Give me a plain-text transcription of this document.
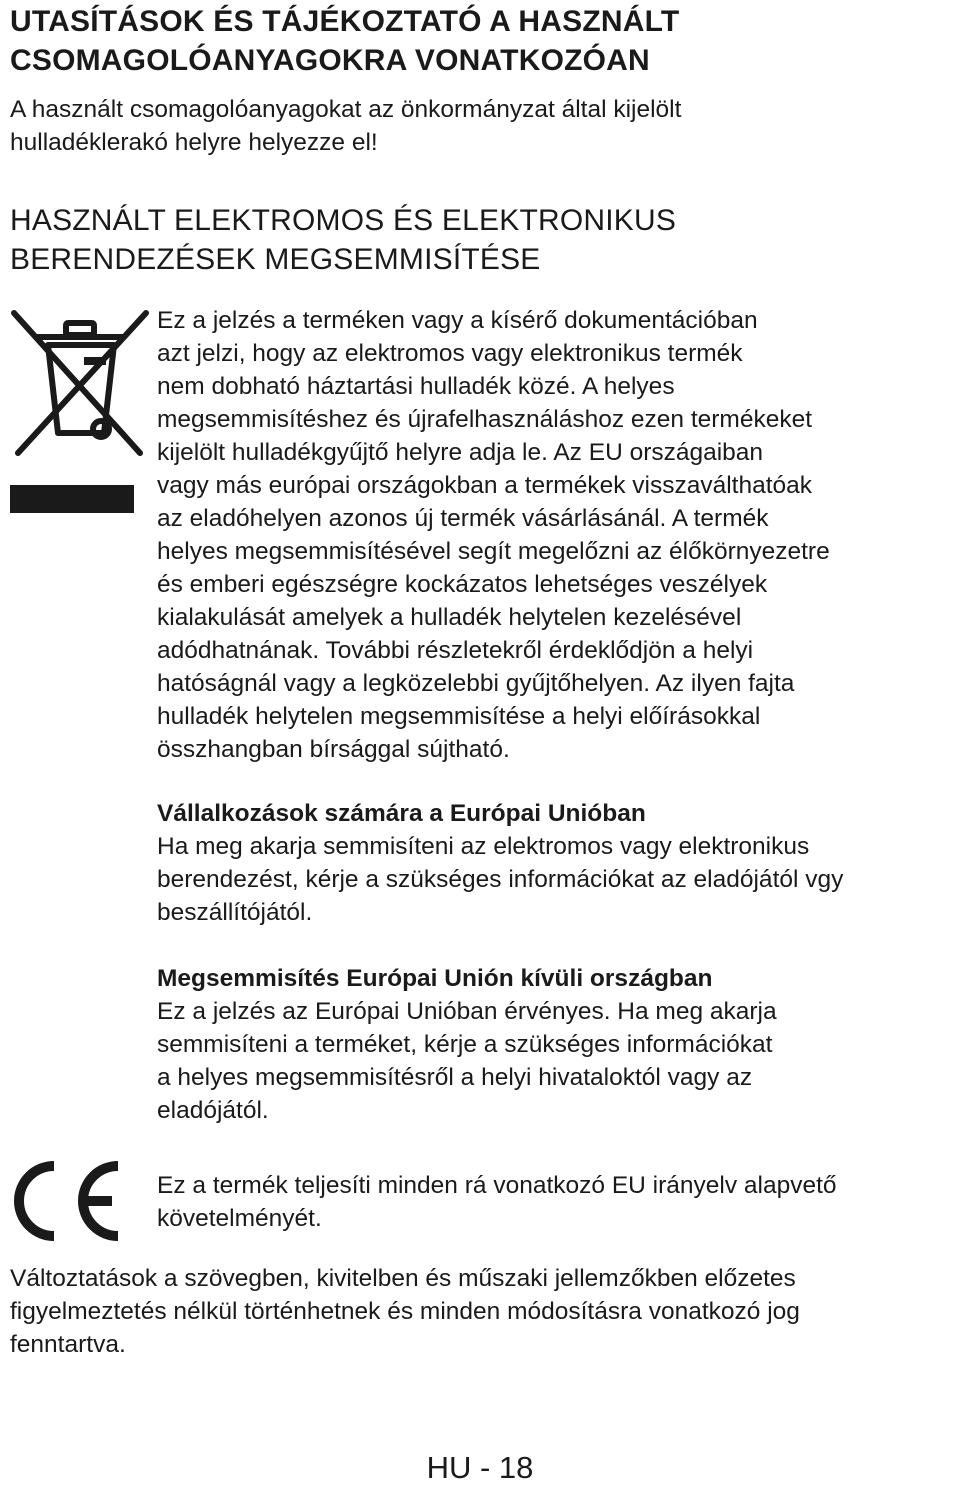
UTASÍTÁSOK ÉS TÁJÉKOZTATÓ A HASZNÁLT
CSOMAGOLÓANYAGOKRA VONATKOZÓAN

A használt csomagolóanyagokat az önkormányzat által kijelölt
hulladéklerakó helyre helyezze el!

HASZNÁLT ELEKTROMOS ÉS ELEKTRONIKUS
BERENDEZÉSEK MEGSEMMISÍTÉSE

Ez a jelzés a terméken vagy a kísérő dokumentációban
azt jelzi, hogy az elektromos vagy elektronikus termék
nem dobható háztartási hulladék közé. A helyes
megsemmisítéshez és újrafelhasználáshoz ezen termékeket
kijelölt hulladékgyűjtő helyre adja le. Az EU országaiban
vagy más európai országokban a termékek visszaválthatóak
az eladóhelyen azonos új termék vásárlásánál. A termék
helyes megsemmisítésével segít megelőzni az élőkörnyezetre
és emberi egészségre kockázatos lehetséges veszélyek
kialakulását amelyek a hulladék helytelen kezelésével
adódhatnának. További részletekről érdeklődjön a helyi
hatóságnál vagy a legközelebbi gyűjtőhelyen. Az ilyen fajta
hulladék helytelen megsemmisítése a helyi előírásokkal
összhangban bírsággal sújtható.

Vállalkozások számára a Európai Unióban
Ha meg akarja semmisíteni az elektromos vagy elektronikus
berendezést, kérje a szükséges információkat az eladójától vgy
beszállítójától.
Megsemmisítés Európai Unión kívüli országban
Ez a jelzés az Európai Unióban érvényes. Ha meg akarja
semmisíteni a terméket, kérje a szükséges információkat
a helyes megsemmisítésről a helyi hivataloktól vagy az
eladójától.

Ez a termék teljesíti minden rá vonatkozó EU irányelv alapvető
követelményét.

Változtatások a szövegben, kivitelben és műszaki jellemzőkben előzetes
figyelmeztetés nélkül történhetnek és minden módosításra vonatkozó jog
fenntartva.

HU - 18
